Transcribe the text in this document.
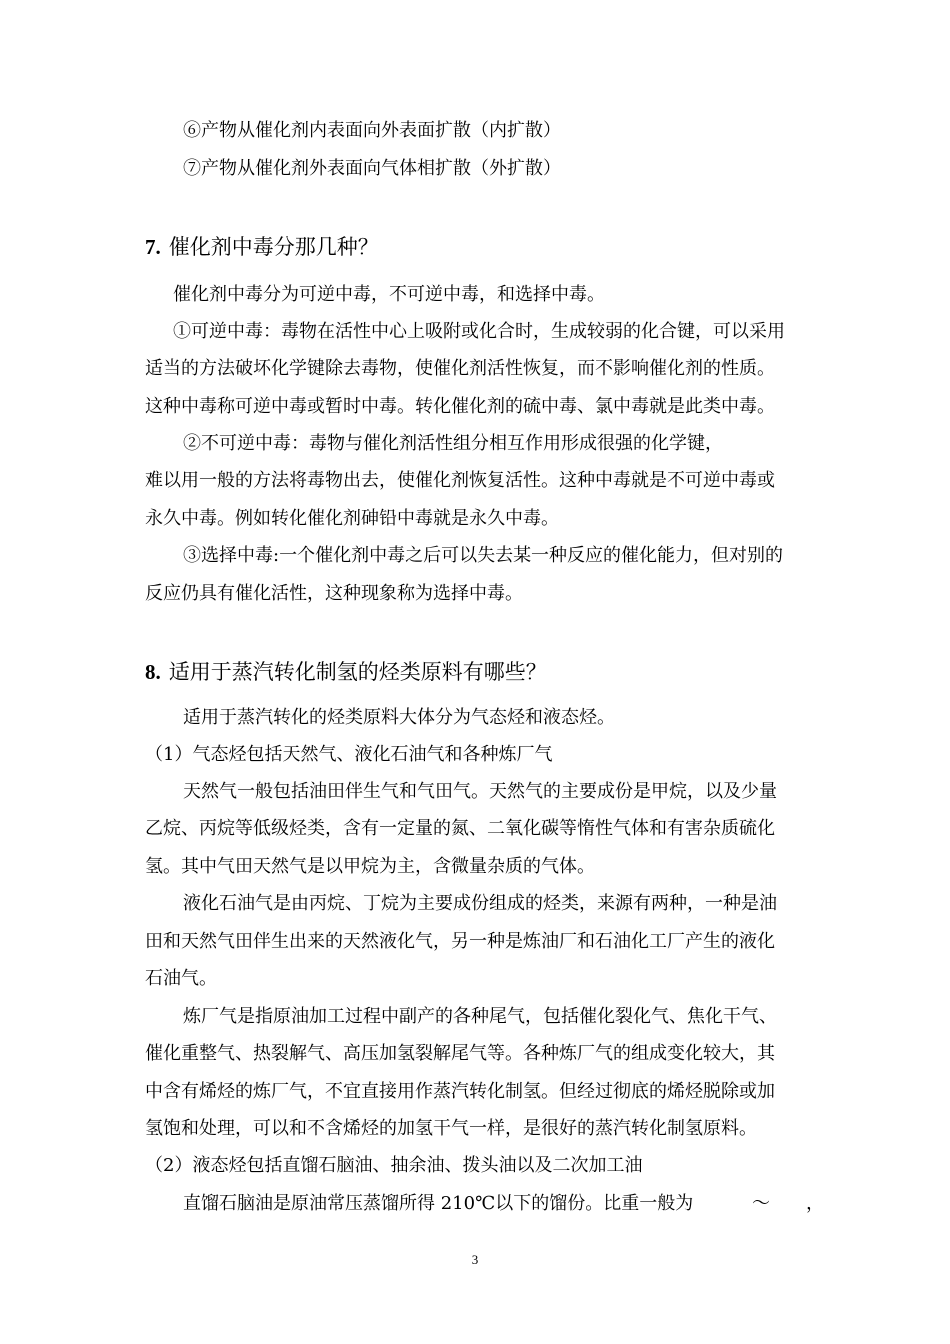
⑥产物从催化剂内表面向外表面扩散（内扩散）
⑦产物从催化剂外表面向气体相扩散（外扩散）
7. 催化剂中毒分那几种？
催化剂中毒分为可逆中毒，不可逆中毒，和选择中毒。
①可逆中毒：毒物在活性中心上吸附或化合时，生成较弱的化合键，可以采用
适当的方法破坏化学键除去毒物，使催化剂活性恢复，而不影响催化剂的性质。
这种中毒称可逆中毒或暂时中毒。转化催化剂的硫中毒、氯中毒就是此类中毒。
②不可逆中毒：毒物与催化剂活性组分相互作用形成很强的化学键，
难以用一般的方法将毒物出去，使催化剂恢复活性。这种中毒就是不可逆中毒或
永久中毒。例如转化催化剂砷铅中毒就是永久中毒。
③选择中毒:一个催化剂中毒之后可以失去某一种反应的催化能力，但对别的
反应仍具有催化活性，这种现象称为选择中毒。
8. 适用于蒸汽转化制氢的烃类原料有哪些？
适用于蒸汽转化的烃类原料大体分为气态烃和液态烃。
（1）气态烃包括天然气、液化石油气和各种炼厂气
天然气一般包括油田伴生气和气田气。天然气的主要成份是甲烷，以及少量
乙烷、丙烷等低级烃类，含有一定量的氮、二氧化碳等惰性气体和有害杂质硫化
氢。其中气田天然气是以甲烷为主，含微量杂质的气体。
液化石油气是由丙烷、丁烷为主要成份组成的烃类，来源有两种，一种是油
田和天然气田伴生出来的天然液化气，另一种是炼油厂和石油化工厂产生的液化
石油气。
炼厂气是指原油加工过程中副产的各种尾气，包括催化裂化气、焦化干气、
催化重整气、热裂解气、高压加氢裂解尾气等。各种炼厂气的组成变化较大，其
中含有烯烃的炼厂气，不宜直接用作蒸汽转化制氢。但经过彻底的烯烃脱除或加
氢饱和处理，可以和不含烯烃的加氢干气一样，是很好的蒸汽转化制氢原料。
（2）液态烃包括直馏石脑油、抽余油、拨头油以及二次加工油
直馏石脑油是原油常压蒸馏所得 210℃以下的馏份。比重一般为	～ ，
3
